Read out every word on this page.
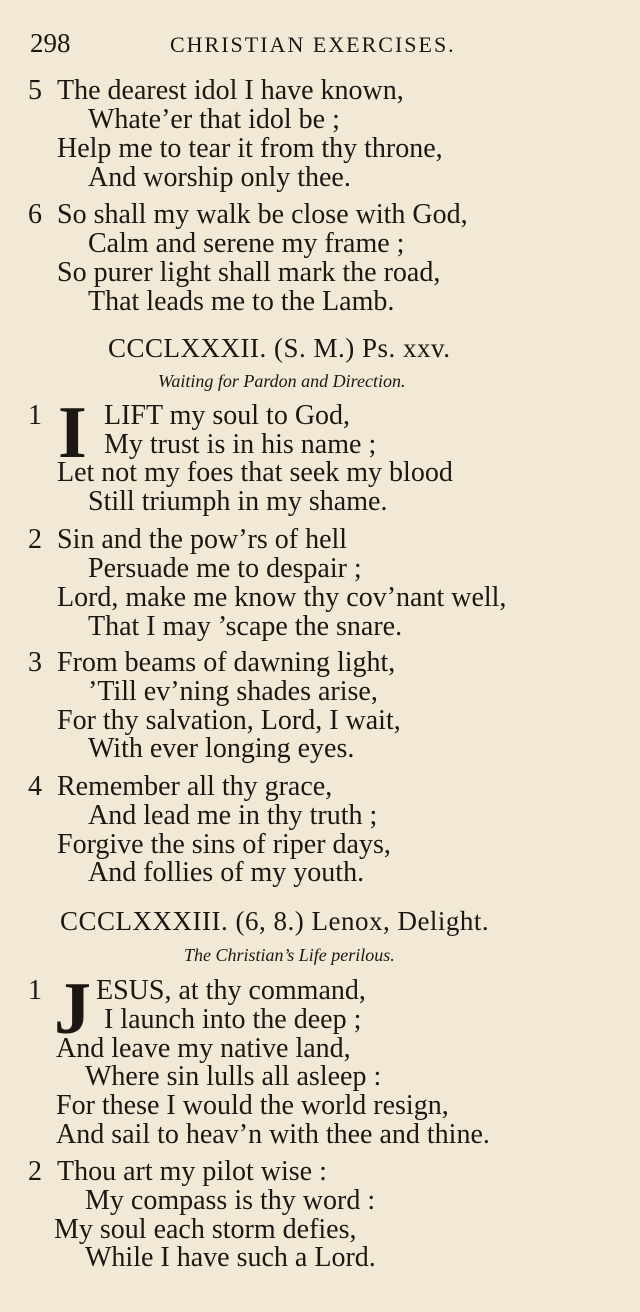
298	CHRISTIAN EXERCISES.
5 The dearest idol I have known,
Whate’er that idol be ;
Help me to tear it from thy throne,
And worship only thee.
6 So shall my walk be close with God,
Calm and serene my frame ;
So purer light shall mark the road,
That leads me to the Lamb.
CCCLXXXII. (S. M.) Ps. xxv.
Waiting for Pardon and Direction.
1 I LIFT my soul to God,
My trust is in his name ;
Let not my foes that seek my blood
Still triumph in my shame.
2 Sin and the pow’rs of hell
Persuade me to despair ;
Lord, make me know thy cov’nant well,
That I may ’scape the snare.
3 From beams of dawning light,
’Till ev’ning shades arise,
For thy salvation, Lord, I wait,
With ever longing eyes.
4 Remember all thy grace,
And lead me in thy truth ;
Forgive the sins of riper days,
And follies of my youth.
CCCLXXXIII. (6, 8.) Lenox, Delight.
The Christian’s Life perilous.
1 J ESUS, at thy command,
I launch into the deep ;
And leave my native land,
Where sin lulls all asleep :
For these I would the world resign,
And sail to heav’n with thee and thine.
2 Thou art my pilot wise :
My compass is thy word :
My soul each storm defies,
While I have such a Lord.
